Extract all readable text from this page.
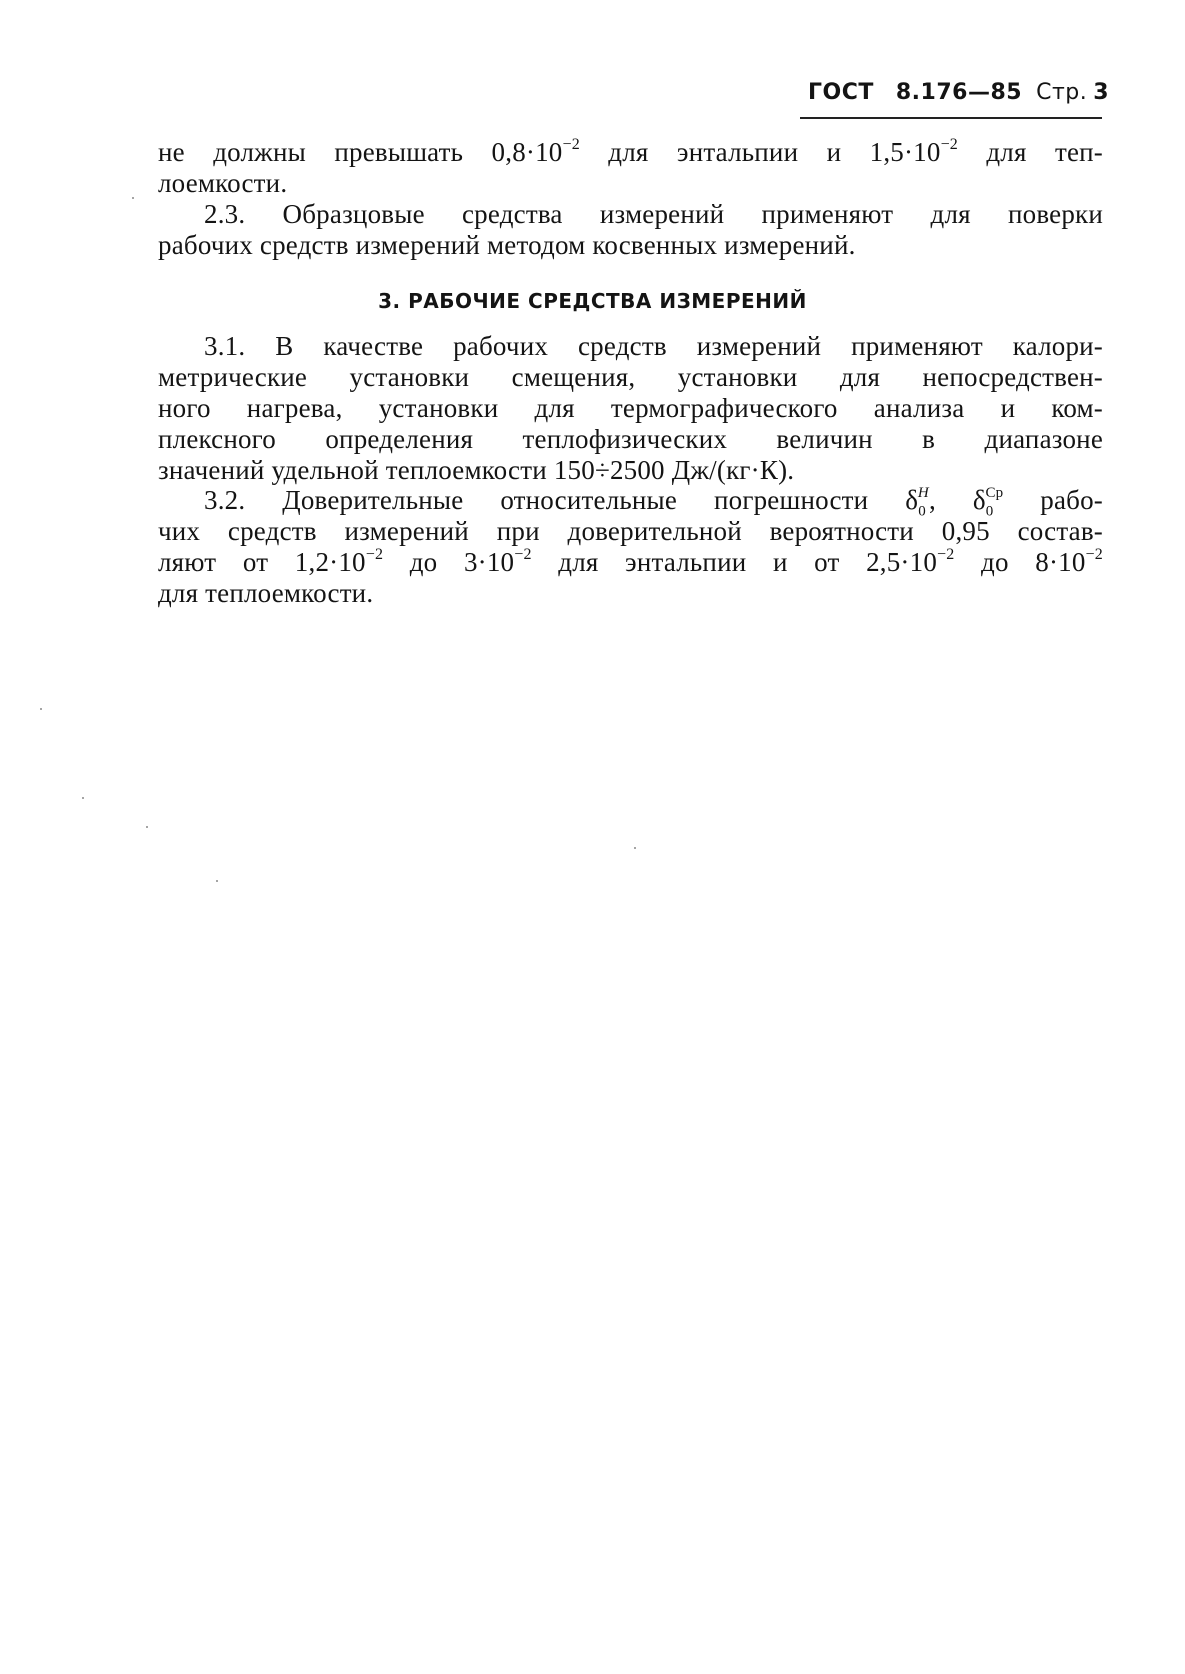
ГОСТ 8.176—85 Стр. 3
не должны превышать $0,8\cdot 10^{-2}$ для энтальпии и $1,5\cdot 10^{-2}$ для теп-
лоемкости.
2.3. Образцовые средства измерений применяют для поверки
рабочих средств измерений методом косвенных измерений.
3. РАБОЧИЕ СРЕДСТВА ИЗМЕРЕНИЙ
3.1. В качестве рабочих средств измерений применяют калори-
метрические установки смещения, установки для непосредствен-
ного нагрева, установки для термографического анализа и ком-
плексного определения теплофизических величин в диапазоне
значений удельной теплоемкости 150÷2500 Дж/(кг·К).
3.2. Доверительные относительные погрешности $\delta_0^H$, $\delta_0^{Cp}$ рабо-
чих средств измерений при доверительной вероятности 0,95 состав-
ляют от $1,2\cdot 10^{-2}$ до $3\cdot 10^{-2}$ для энтальпии и от $2,5\cdot 10^{-2}$ до $8\cdot 10^{-2}$
для теплоемкости.
